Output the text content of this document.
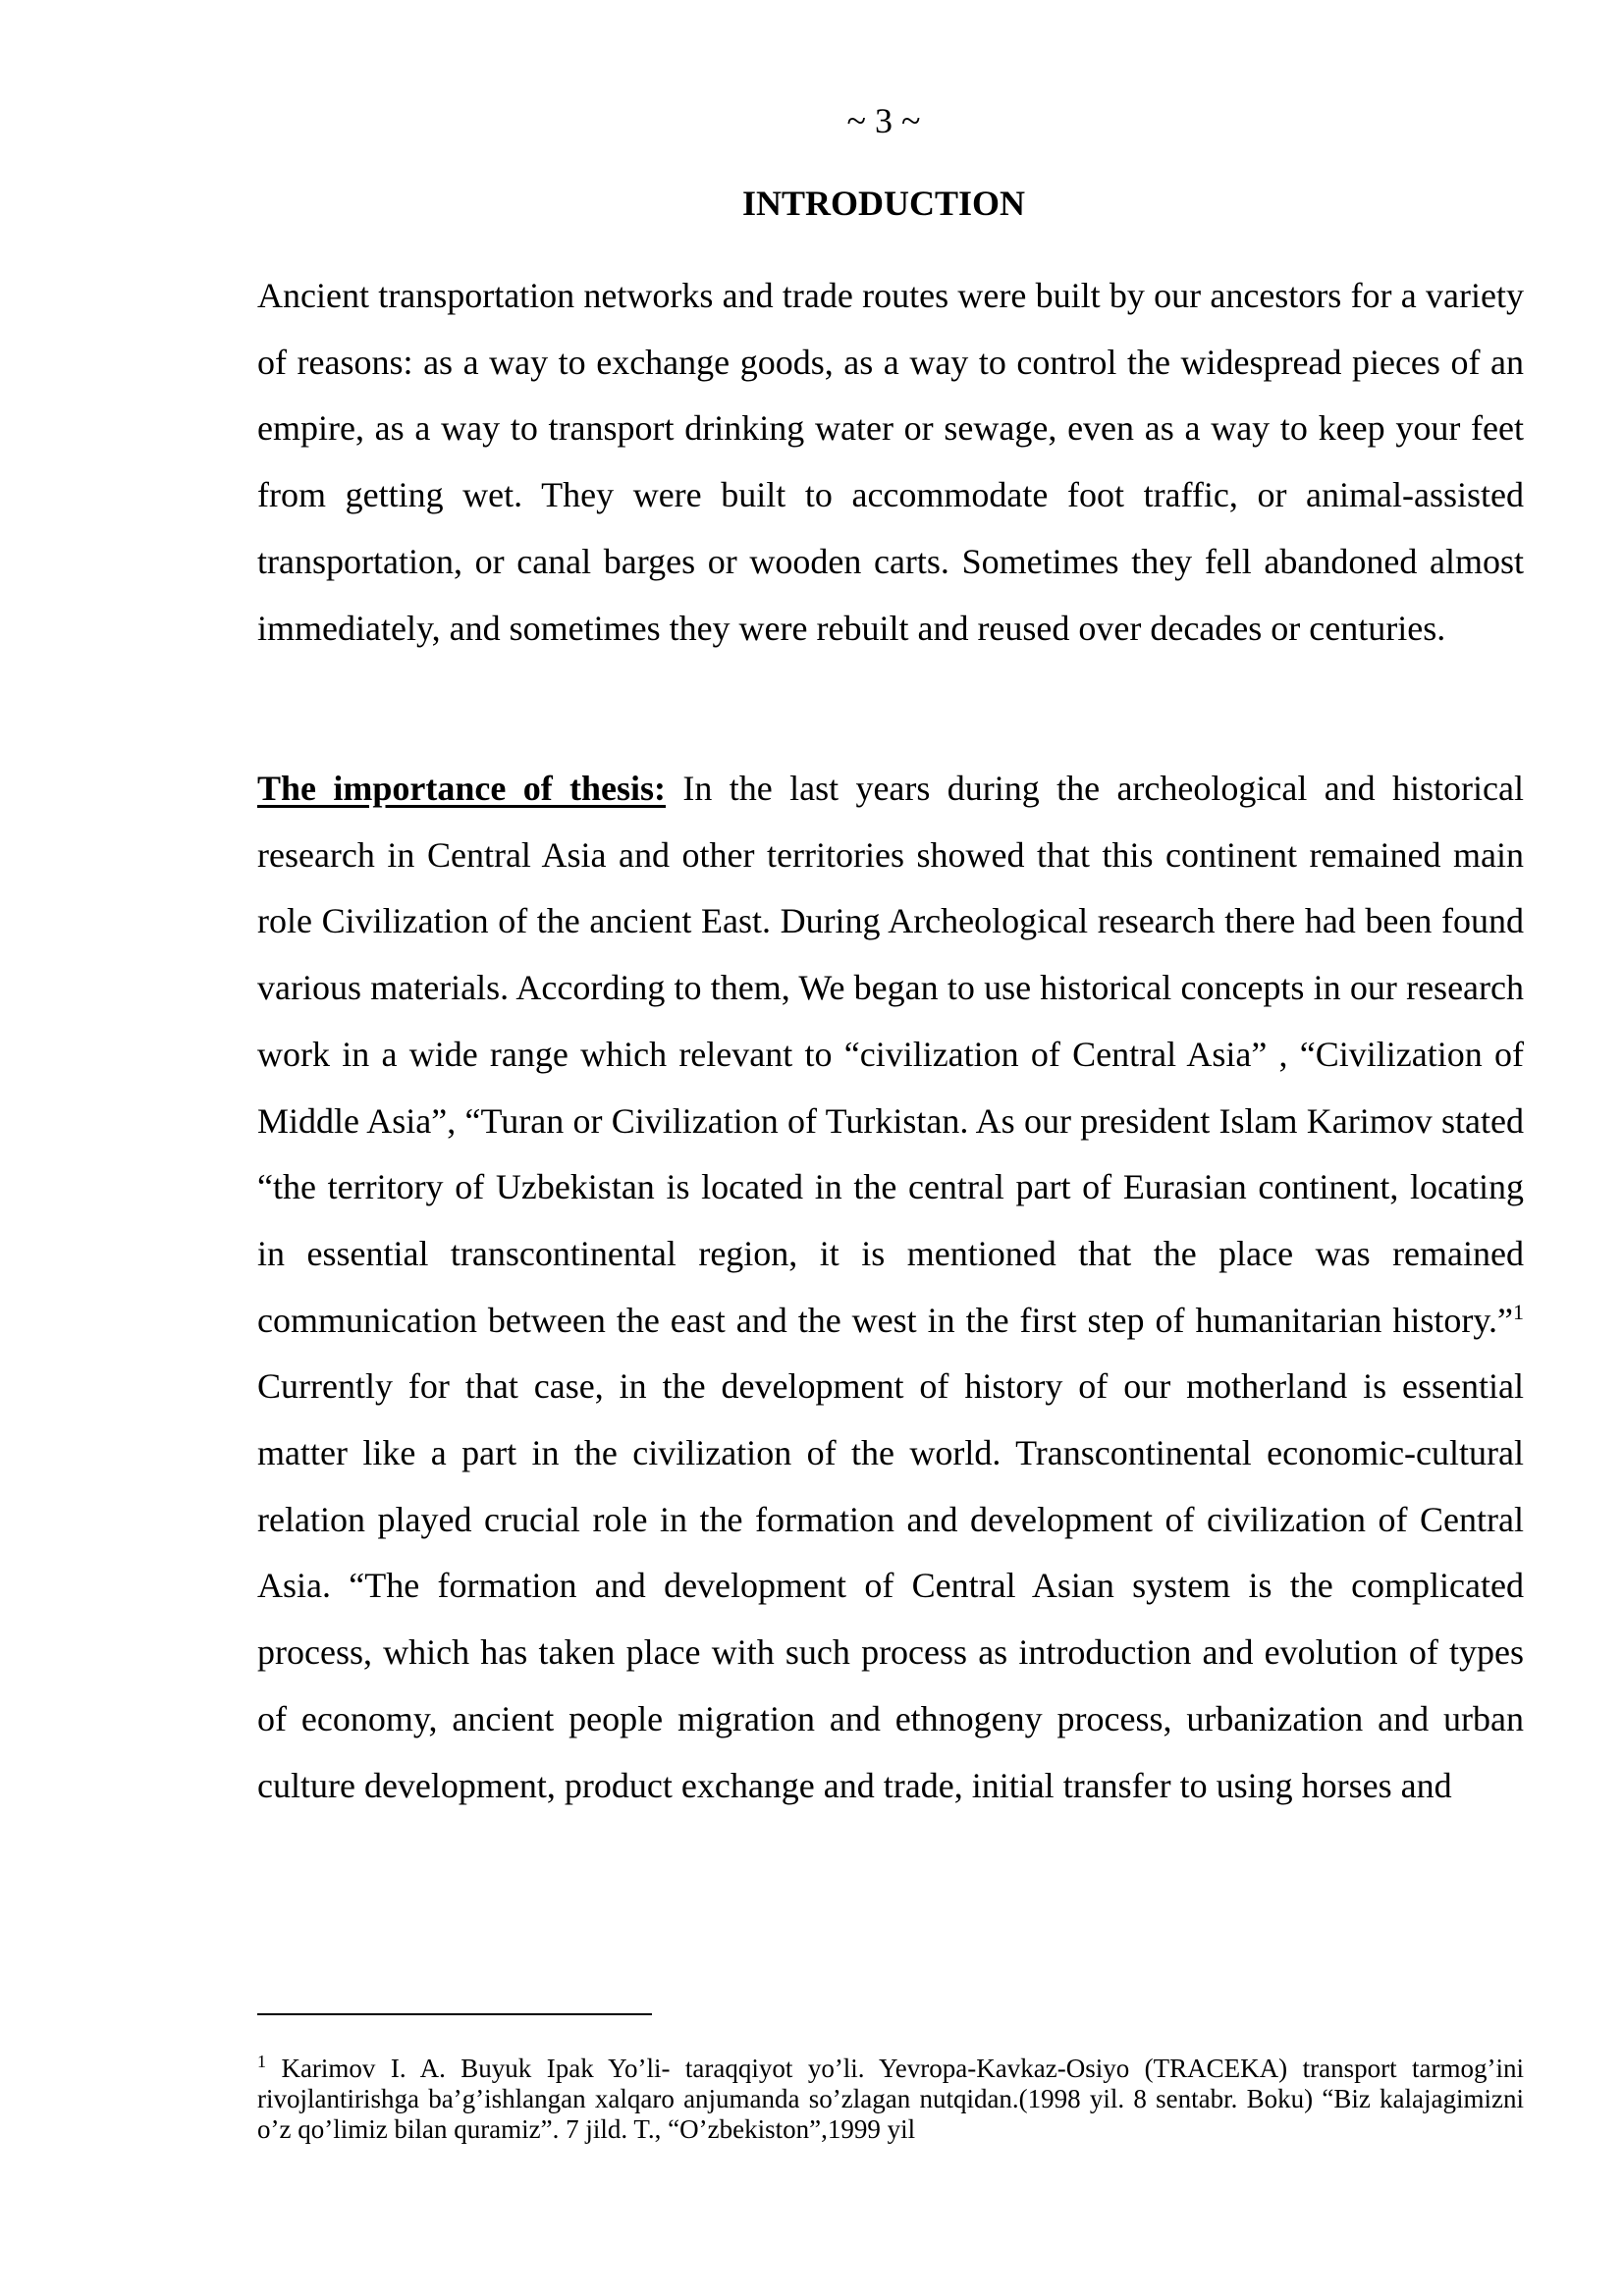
~ 3 ~
INTRODUCTION

Ancient transportation networks and trade routes were built by our ancestors for a variety of reasons: as a way to exchange goods, as a way to control the widespread pieces of an empire, as a way to transport drinking water or sewage, even as a way to keep your feet from getting wet. They were built to accommodate foot traffic, or animal-assisted transportation, or canal barges or wooden carts. Sometimes they fell abandoned almost immediately, and sometimes they were rebuilt and reused over decades or centuries.

The importance of thesis: In the last years during the archeological and historical research in Central Asia and other territories showed that this continent remained main role Civilization of the ancient East. During Archeological research there had been found various materials. According to them, We began to use historical concepts in our research work in a wide range which relevant to “civilization of Central Asia” , “Civilization of Middle Asia”, “Turan or Civilization of Turkistan. As our president Islam Karimov stated “the territory of Uzbekistan is located in the central part of Eurasian continent, locating in essential transcontinental region, it is mentioned that the place was remained communication between the east and the west in the first step of humanitarian history.”$^1$ Currently for that case, in the development of history of our motherland is essential matter like a part in the civilization of the world. Transcontinental economic-cultural relation played crucial role in the formation and development of civilization of Central Asia. “The formation and development of Central Asian system is the complicated process, which has taken place with such process as introduction and evolution of types of economy, ancient people migration and ethnogeny process, urbanization and urban culture development, product exchange and trade, initial transfer to using horses and

$^1$ Karimov I. A. Buyuk Ipak Yo’li- taraqqiyot yo’li. Yevropa-Kavkaz-Osiyo (TRACEKA) transport tarmog’ini rivojlantirishga ba’g’ishlangan xalqaro anjumanda so’zlagan nutqidan.(1998 yil. 8 sentabr. Boku) “Biz kalajagimizni o’z qo’limiz bilan quramiz”. 7 jild. T., “O’zbekiston”,1999 yil
